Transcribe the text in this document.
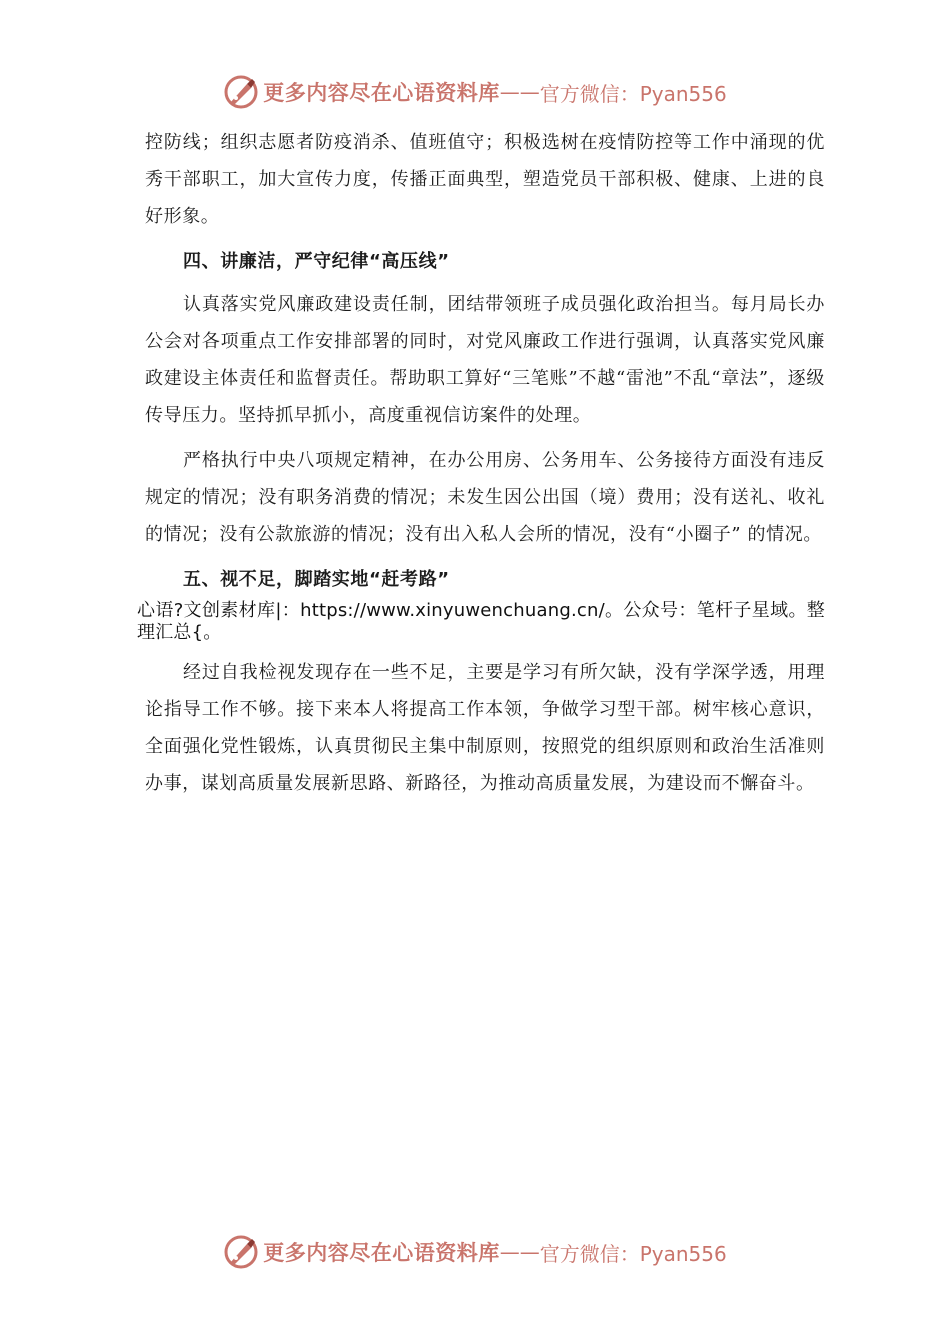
更多内容尽在心语资料库 —— 官方微信：Pyan556

控防线；组织志愿者防疫消杀、值班值守；积极选树在疫情防控等工作中涌现的优秀干部职工，加大宣传力度，传播正面典型，塑造党员干部积极、健康、上进的良好形象。

四、讲廉洁，严守纪律“高压线”

认真落实党风廉政建设责任制，团结带领班子成员强化政治担当。每月局长办公会对各项重点工作安排部署的同时，对党风廉政工作进行强调，认真落实党风廉政建设主体责任和监督责任。帮助职工算好“三笔账”不越“雷池”不乱“章法”，逐级传导压力。坚持抓早抓小，高度重视信访案件的处理。

严格执行中央八项规定精神，在办公用房、公务用车、公务接待方面没有违反规定的情况；没有职务消费的情况；未发生因公出国（境）费用；没有送礼、收礼的情况；没有公款旅游的情况；没有出入私人会所的情况，没有“小圈子” 的情况。

五、视不足，脚踏实地“赶考路”

心语?文创素材库|：https://www.xinyuwenchuang.cn/。公众号：笔杆子星域。整理汇总{。

经过自我检视发现存在一些不足，主要是学习有所欠缺，没有学深学透，用理论指导工作不够。接下来本人将提高工作本领，争做学习型干部。树牢核心意识，全面强化党性锻炼，认真贯彻民主集中制原则，按照党的组织原则和政治生活准则办事，谋划高质量发展新思路、新路径，为推动高质量发展，为建设而不懈奋斗。

更多内容尽在心语资料库 —— 官方微信：Pyan556
